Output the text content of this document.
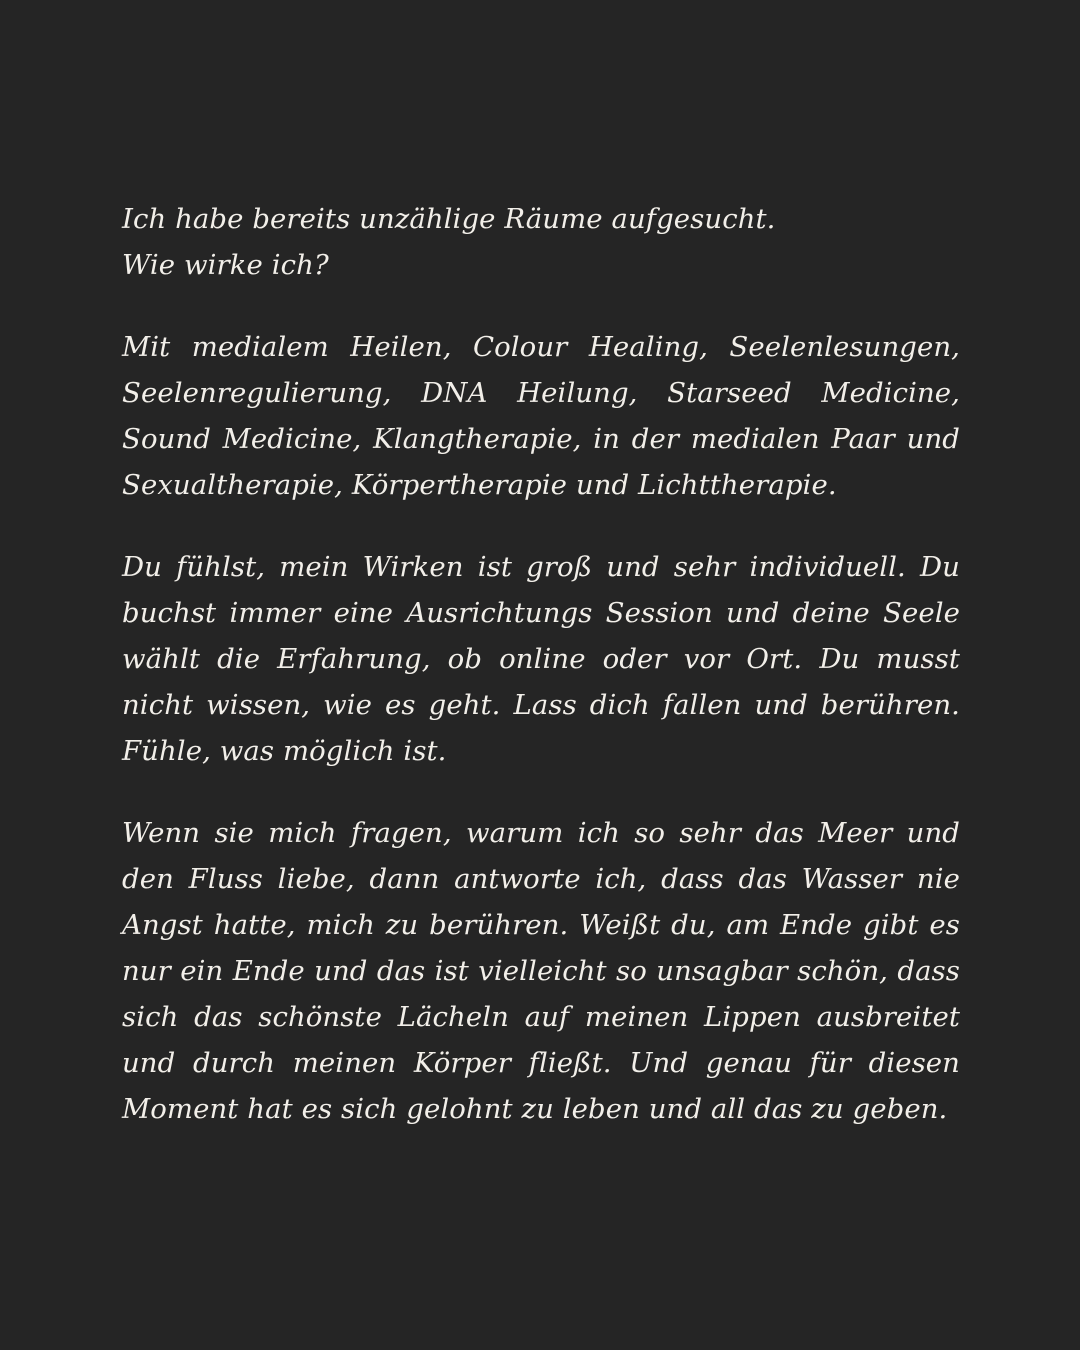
Ich habe bereits unzählige Räume aufgesucht.
Wie wirke ich?

Mit medialem Heilen, Colour Healing, Seelenlesungen, Seelenregulierung, DNA Heilung, Starseed Medicine, Sound Medicine, Klangtherapie, in der medialen Paar und Sexualtherapie, Körpertherapie und Lichttherapie.

Du fühlst, mein Wirken ist groß und sehr individuell. Du buchst immer eine Ausrichtungs Session und deine Seele wählt die Erfahrung, ob online oder vor Ort. Du musst nicht wissen, wie es geht. Lass dich fallen und berühren. Fühle, was möglich ist.

Wenn sie mich fragen, warum ich so sehr das Meer und den Fluss liebe, dann antworte ich, dass das Wasser nie Angst hatte, mich zu berühren. Weißt du, am Ende gibt es nur ein Ende und das ist vielleicht so unsagbar schön, dass sich das schönste Lächeln auf meinen Lippen ausbreitet und durch meinen Körper fließt. Und genau für diesen Moment hat es sich gelohnt zu leben und all das zu geben.
